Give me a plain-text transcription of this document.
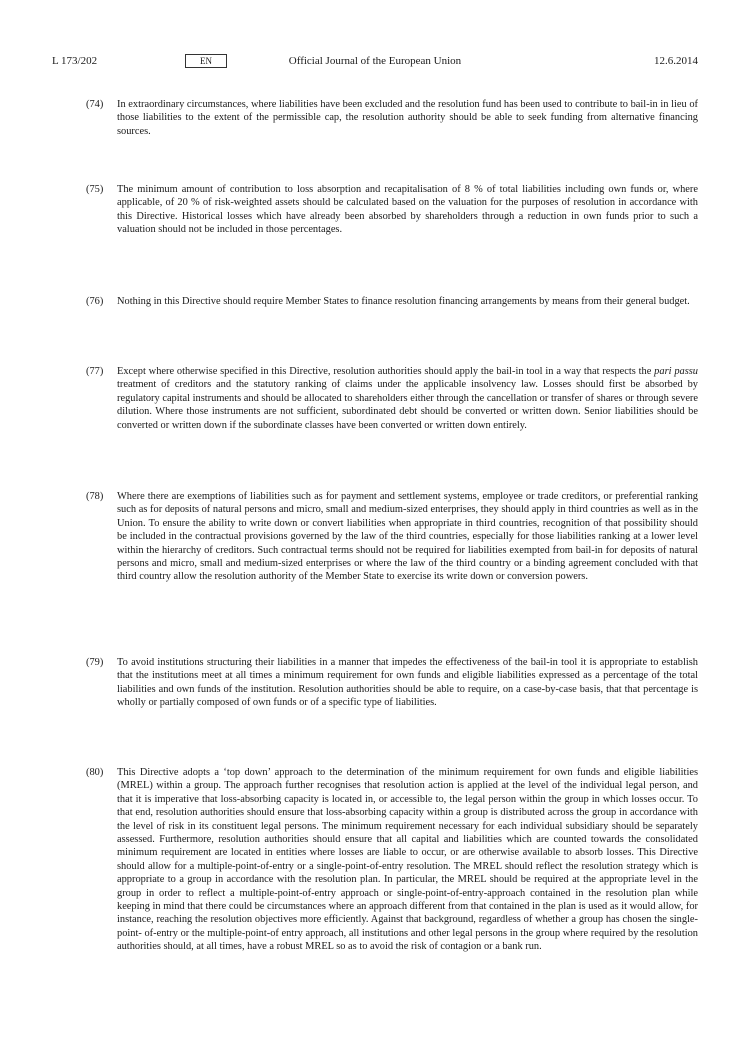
L 173/202	EN	Official Journal of the European Union	12.6.2014
(74)	In extraordinary circumstances, where liabilities have been excluded and the resolution fund has been used to contribute to bail-in in lieu of those liabilities to the extent of the permissible cap, the resolution authority should be able to seek funding from alternative financing sources.
(75)	The minimum amount of contribution to loss absorption and recapitalisation of 8 % of total liabilities including own funds or, where applicable, of 20 % of risk-weighted assets should be calculated based on the valuation for the purposes of resolution in accordance with this Directive. Historical losses which have already been absorbed by shareholders through a reduction in own funds prior to such a valuation should not be included in those percentages.
(76)	Nothing in this Directive should require Member States to finance resolution financing arrangements by means from their general budget.
(77)	Except where otherwise specified in this Directive, resolution authorities should apply the bail-in tool in a way that respects the pari passu treatment of creditors and the statutory ranking of claims under the applicable insolvency law. Losses should first be absorbed by regulatory capital instruments and should be allocated to shareholders either through the cancellation or transfer of shares or through severe dilution. Where those instruments are not sufficient, subordinated debt should be converted or written down. Senior liabilities should be converted or written down if the subordinate classes have been converted or written down entirely.
(78)	Where there are exemptions of liabilities such as for payment and settlement systems, employee or trade creditors, or preferential ranking such as for deposits of natural persons and micro, small and medium-sized enterprises, they should apply in third countries as well as in the Union. To ensure the ability to write down or convert liabilities when appropriate in third countries, recognition of that possibility should be included in the contractual provisions governed by the law of the third countries, especially for those liabilities ranking at a lower level within the hierarchy of creditors. Such contractual terms should not be required for liabilities exempted from bail-in for deposits of natural persons and micro, small and medium-sized enterprises or where the law of the third country or a binding agreement concluded with that third country allow the resolution authority of the Member State to exercise its write down or conversion powers.
(79)	To avoid institutions structuring their liabilities in a manner that impedes the effectiveness of the bail-in tool it is appropriate to establish that the institutions meet at all times a minimum requirement for own funds and eligible liabilities expressed as a percentage of the total liabilities and own funds of the institution. Resolution authorities should be able to require, on a case-by-case basis, that that percentage is wholly or partially composed of own funds or of a specific type of liabilities.
(80)	This Directive adopts a ‘top down’ approach to the determination of the minimum requirement for own funds and eligible liabilities (MREL) within a group. The approach further recognises that resolution action is applied at the level of the individual legal person, and that it is imperative that loss-absorbing capacity is located in, or accessible to, the legal person within the group in which losses occur. To that end, resolution authorities should ensure that loss-absorbing capacity within a group is distributed across the group in accordance with the level of risk in its constituent legal persons. The minimum requirement necessary for each individual subsidiary should be separately assessed. Furthermore, resolution authorities should ensure that all capital and liabilities which are counted towards the consolidated minimum requirement are located in entities where losses are liable to occur, or are otherwise available to absorb losses. This Directive should allow for a multiple-point-of-entry or a single-point-of-entry resolution. The MREL should reflect the resolution strategy which is appropriate to a group in accordance with the resolution plan. In particular, the MREL should be required at the appropriate level in the group in order to reflect a multiple-point-of-entry approach or single-point-of-entry-approach contained in the resolution plan while keeping in mind that there could be circumstances where an approach different from that contained in the plan is used as it would allow, for instance, reaching the resolution objectives more efficiently. Against that background, regardless of whether a group has chosen the single-point- of-entry or the multiple-point-of entry approach, all institutions and other legal persons in the group where required by the resolution authorities should, at all times, have a robust MREL so as to avoid the risk of contagion or a bank run.
